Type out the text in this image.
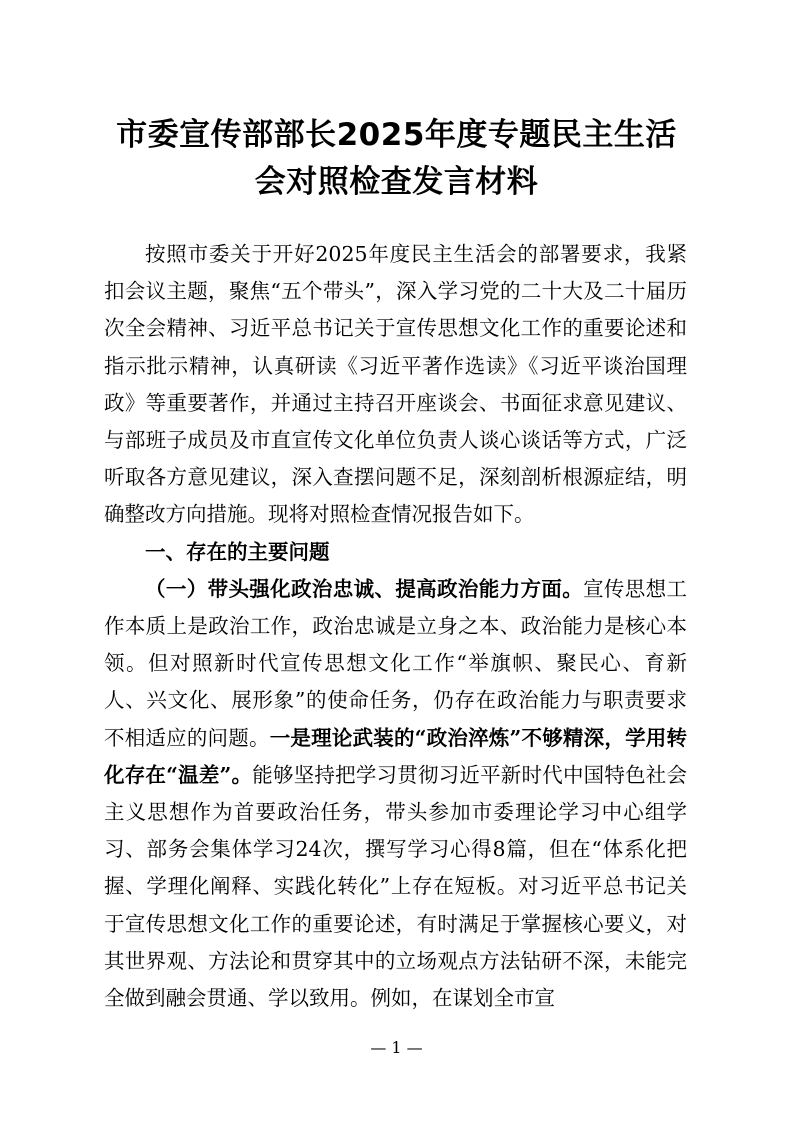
市委宣传部部长2025年度专题民主生活
会对照检查发言材料

按照市委关于开好2025年度民主生活会的部署要求，我紧扣会议主题，聚焦“五个带头”，深入学习党的二十大及二十届历次全会精神、习近平总书记关于宣传思想文化工作的重要论述和指示批示精神，认真研读《习近平著作选读》《习近平谈治国理政》等重要著作，并通过主持召开座谈会、书面征求意见建议、与部班子成员及市直宣传文化单位负责人谈心谈话等方式，广泛听取各方意见建议，深入查摆问题不足，深刻剖析根源症结，明确整改方向措施。现将对照检查情况报告如下。

一、存在的主要问题

（一）带头强化政治忠诚、提高政治能力方面。宣传思想工作本质上是政治工作，政治忠诚是立身之本、政治能力是核心本领。但对照新时代宣传思想文化工作“举旗帜、聚民心、育新人、兴文化、展形象”的使命任务，仍存在政治能力与职责要求不相适应的问题。一是理论武装的“政治淬炼”不够精深，学用转化存在“温差”。能够坚持把学习贯彻习近平新时代中国特色社会主义思想作为首要政治任务，带头参加市委理论学习中心组学习、部务会集体学习24次，撰写学习心得8篇，但在“体系化把握、学理化阐释、实践化转化”上存在短板。对习近平总书记关于宣传思想文化工作的重要论述，有时满足于掌握核心要义，对其世界观、方法论和贯穿其中的立场观点方法钻研不深，未能完全做到融会贯通、学以致用。例如，在谋划全市宣

— 1 —
